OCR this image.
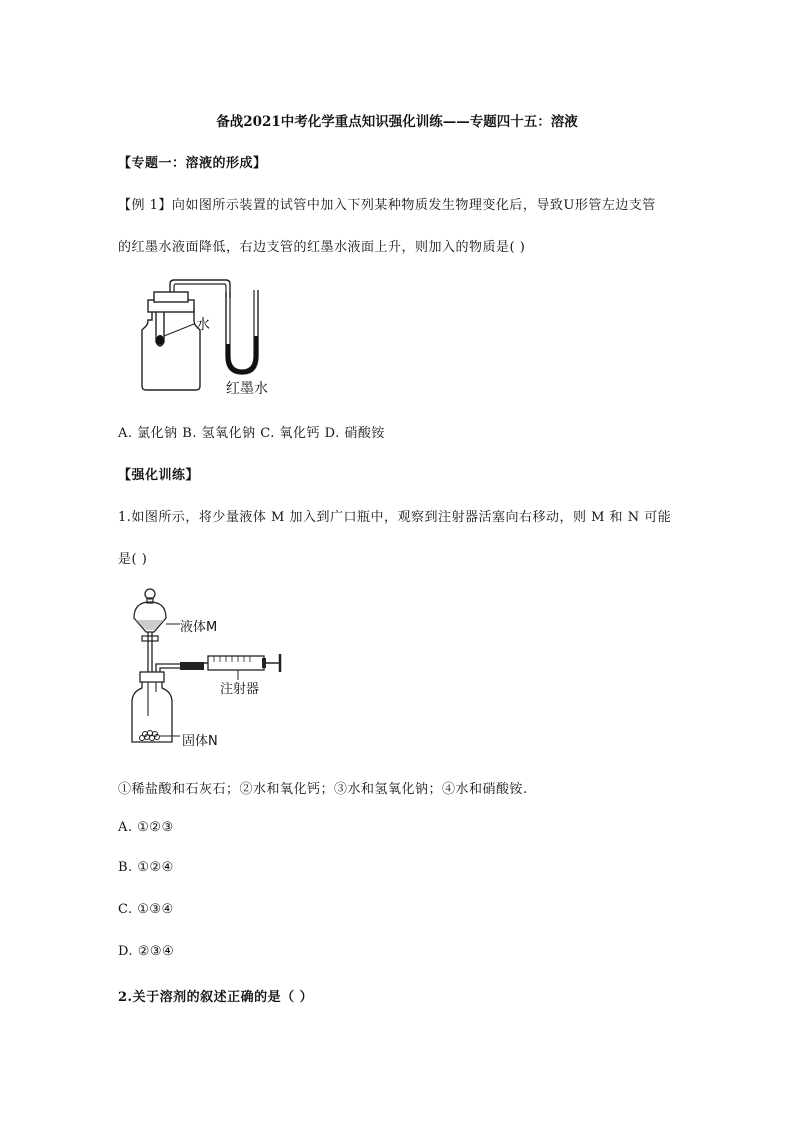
备战2021中考化学重点知识强化训练——专题四十五：溶液
【专题一：溶液的形成】
【例 1】向如图所示装置的试管中加入下列某种物质发生物理变化后，导致U形管左边支管
的红墨水液面降低，右边支管的红墨水液面上升，则加入的物质是( )
水
红墨水
A. 氯化钠 B. 氢氧化钠 C. 氧化钙 D. 硝酸铵
【强化训练】
1.如图所示，将少量液体 M 加入到广口瓶中，观察到注射器活塞向右移动，则 M 和 N 可能
是( )
液体M
注射器
固体N
①稀盐酸和石灰石；②水和氧化钙；③水和氢氧化钠；④水和硝酸铵.
A. ①②③
B. ①②④
C. ①③④
D. ②③④
2.关于溶剂的叙述正确的是（ ）
